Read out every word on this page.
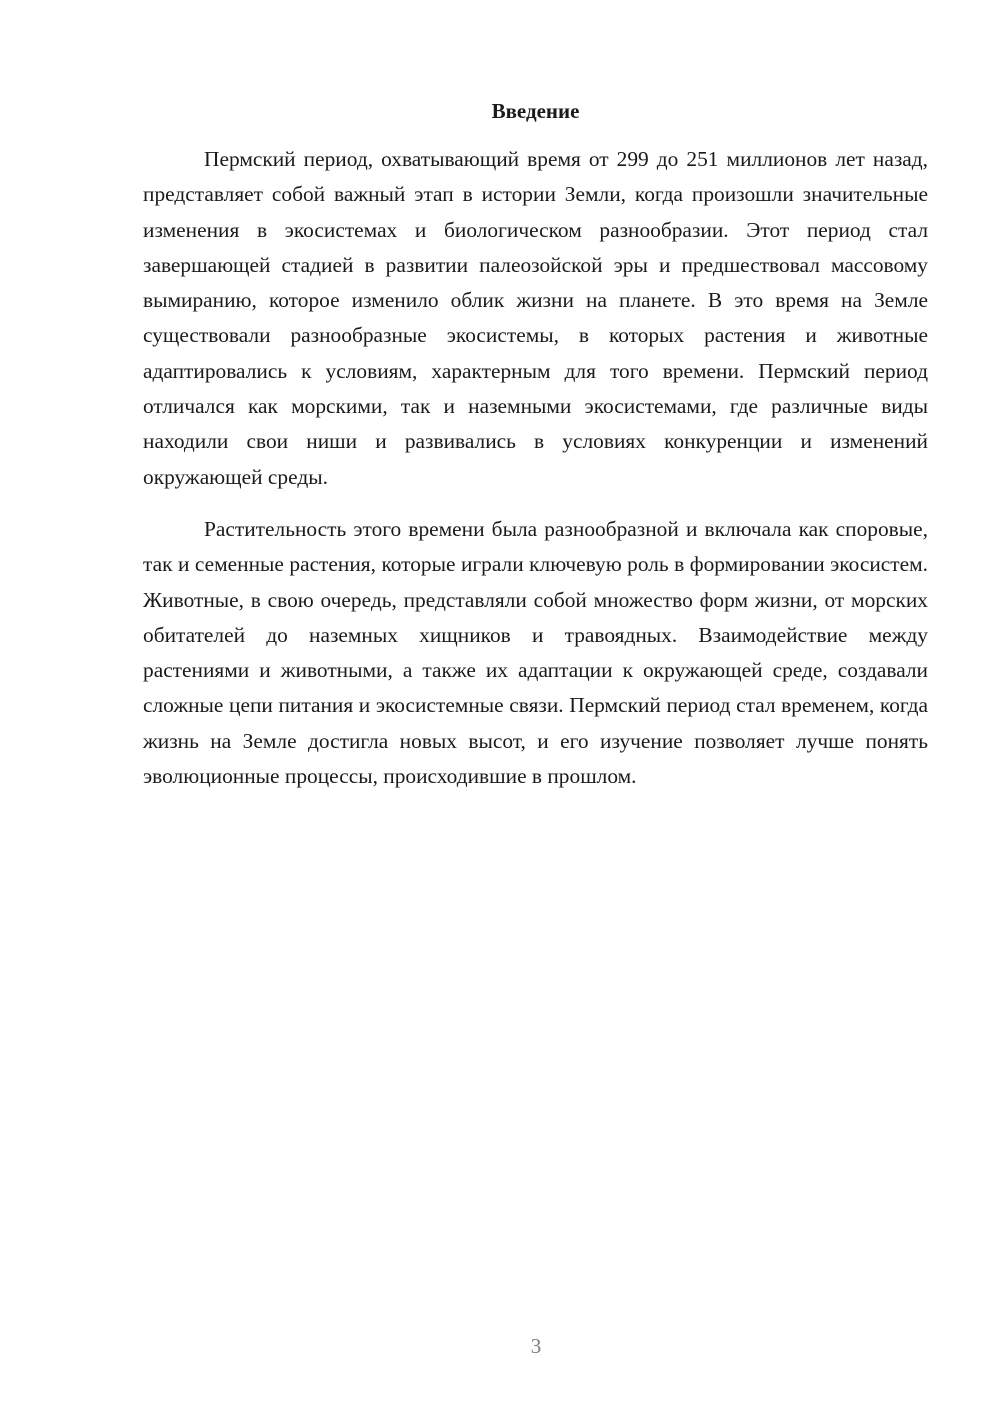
Введение

Пермский период, охватывающий время от 299 до 251 миллионов лет назад, представляет собой важный этап в истории Земли, когда произошли значительные изменения в экосистемах и биологическом разнообразии. Этот период стал завершающей стадией в развитии палеозойской эры и предшествовал массовому вымиранию, которое изменило облик жизни на планете. В это время на Земле существовали разнообразные экосистемы, в которых растения и животные адаптировались к условиям, характерным для того времени. Пермский период отличался как морскими, так и наземными экосистемами, где различные виды находили свои ниши и развивались в условиях конкуренции и изменений окружающей среды.

Растительность этого времени была разнообразной и включала как споровые, так и семенные растения, которые играли ключевую роль в формировании экосистем. Животные, в свою очередь, представляли собой множество форм жизни, от морских обитателей до наземных хищников и травоядных. Взаимодействие между растениями и животными, а также их адаптации к окружающей среде, создавали сложные цепи питания и экосистемные связи. Пермский период стал временем, когда жизнь на Земле достигла новых высот, и его изучение позволяет лучше понять эволюционные процессы, происходившие в прошлом.

3
